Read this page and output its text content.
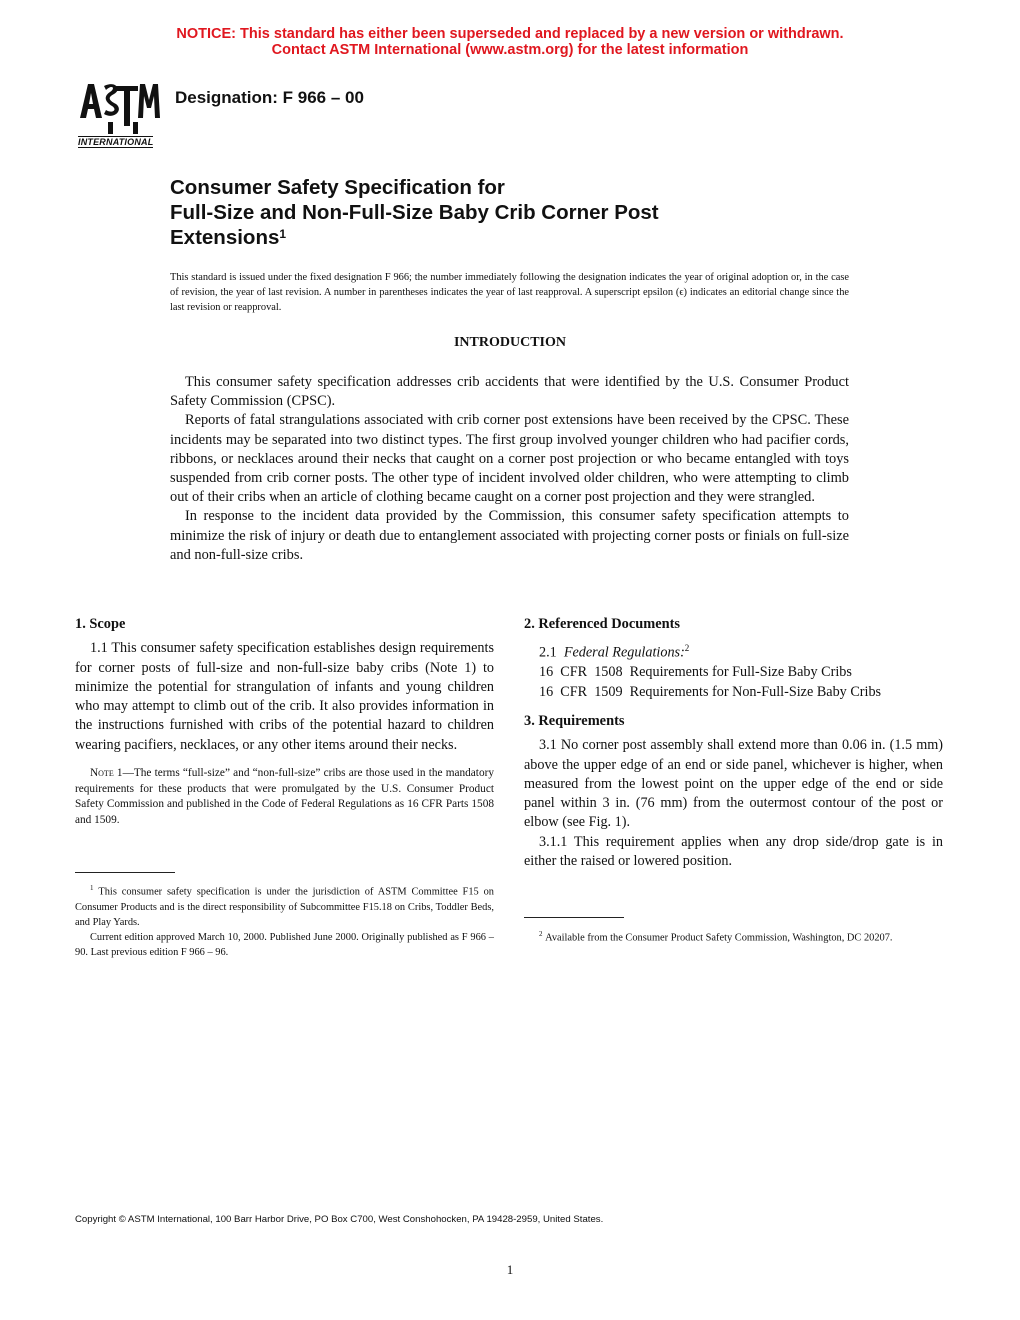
NOTICE: This standard has either been superseded and replaced by a new version or withdrawn.
Contact ASTM International (www.astm.org) for the latest information
INTERNATIONAL
Designation: F 966 – 00
Consumer Safety Specification for
Full-Size and Non-Full-Size Baby Crib Corner Post
Extensions$^1$
This standard is issued under the fixed designation F 966; the number immediately following the designation indicates the year of original adoption or, in the case of revision, the year of last revision. A number in parentheses indicates the year of last reapproval. A superscript epsilon (ϵ) indicates an editorial change since the last revision or reapproval.
INTRODUCTION

This consumer safety specification addresses crib accidents that were identified by the U.S. Consumer Product Safety Commission (CPSC).

Reports of fatal strangulations associated with crib corner post extensions have been received by the CPSC. These incidents may be separated into two distinct types. The first group involved younger children who had pacifier cords, ribbons, or necklaces around their necks that caught on a corner post projection or who became entangled with toys suspended from crib corner posts. The other type of incident involved older children, who were attempting to climb out of their cribs when an article of clothing became caught on a corner post projection and they were strangled.

In response to the incident data provided by the Commission, this consumer safety specification attempts to minimize the risk of injury or death due to entanglement associated with projecting corner posts or finials on full-size and non-full-size cribs.

1. Scope

1.1 This consumer safety specification establishes design requirements for corner posts of full-size and non-full-size baby cribs (Note 1) to minimize the potential for strangulation of infants and young children who may attempt to climb out of the crib. It also provides information in the instructions furnished with cribs of the potential hazard to children wearing pacifiers, necklaces, or any other items around their necks.

Note 1—The terms “full-size” and “non-full-size” cribs are those used in the mandatory requirements for these products that were promulgated by the U.S. Consumer Product Safety Commission and published in the Code of Federal Regulations as 16 CFR Parts 1508 and 1509.

$^1$ This consumer safety specification is under the jurisdiction of ASTM Committee F15 on Consumer Products and is the direct responsibility of Subcommittee F15.18 on Cribs, Toddler Beds, and Play Yards.

Current edition approved March 10, 2000. Published June 2000. Originally published as F 966 – 90. Last previous edition F 966 – 96.

2. Referenced Documents

2.1 Federal Regulations:$^2$

16  CFR  1508  Requirements for Full-Size Baby Cribs

16  CFR  1509  Requirements for Non-Full-Size Baby Cribs

3. Requirements

3.1 No corner post assembly shall extend more than 0.06 in. (1.5 mm) above the upper edge of an end or side panel, whichever is higher, when measured from the lowest point on the upper edge of the end or side panel within 3 in. (76 mm) from the outermost contour of the post or elbow (see Fig. 1).

3.1.1 This requirement applies when any drop side/drop gate is in either the raised or lowered position.

$^2$ Available from the Consumer Product Safety Commission, Washington, DC 20207.

Copyright © ASTM International, 100 Barr Harbor Drive, PO Box C700, West Conshohocken, PA 19428-2959, United States.
1
